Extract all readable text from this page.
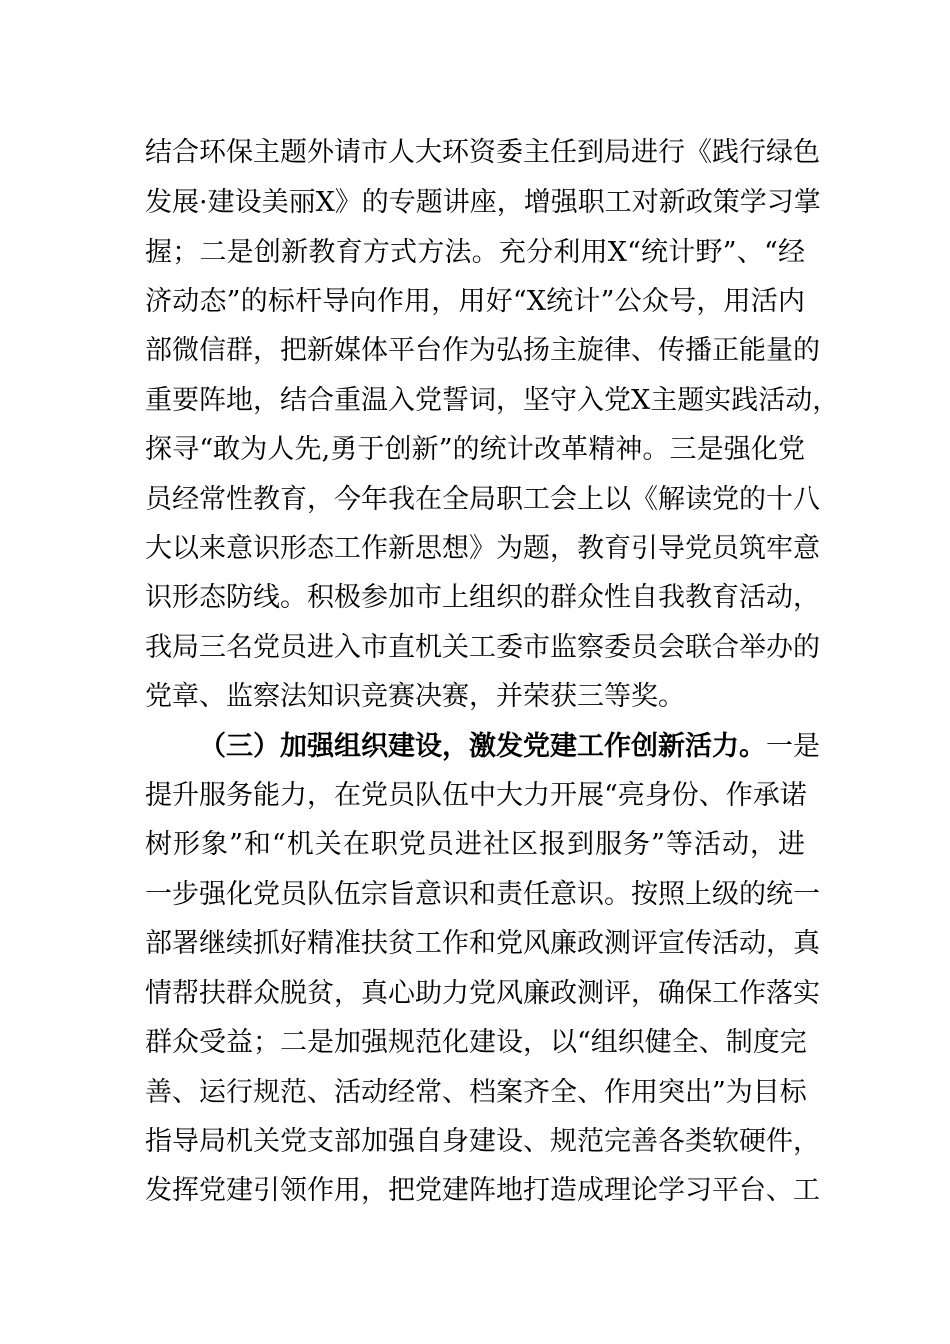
结合环保主题外请市人大环资委主任到局进行《践行绿色
发展·建设美丽X》的专题讲座，增强职工对新政策学习掌
握；二是创新教育方式方法。充分利用X“统计野”、“经
济动态”的标杆导向作用，用好“X统计”公众号，用活内
部微信群，把新媒体平台作为弘扬主旋律、传播正能量的
重要阵地，结合重温入党誓词，坚守入党X主题实践活动，
探寻“敢为人先,勇于创新”的统计改革精神。三是强化党
员经常性教育，今年我在全局职工会上以《解读党的十八
大以来意识形态工作新思想》为题，教育引导党员筑牢意
识形态防线。积极参加市上组织的群众性自我教育活动，
我局三名党员进入市直机关工委市监察委员会联合举办的
党章、监察法知识竞赛决赛，并荣获三等奖。
（三）加强组织建设，激发党建工作创新活力。一是
提升服务能力，在党员队伍中大力开展“亮身份、作承诺
树形象”和“机关在职党员进社区报到服务”等活动，进
一步强化党员队伍宗旨意识和责任意识。按照上级的统一
部署继续抓好精准扶贫工作和党风廉政测评宣传活动，真
情帮扶群众脱贫，真心助力党风廉政测评，确保工作落实
群众受益；二是加强规范化建设，以“组织健全、制度完
善、运行规范、活动经常、档案齐全、作用突出”为目标
指导局机关党支部加强自身建设、规范完善各类软硬件，
发挥党建引领作用，把党建阵地打造成理论学习平台、工
